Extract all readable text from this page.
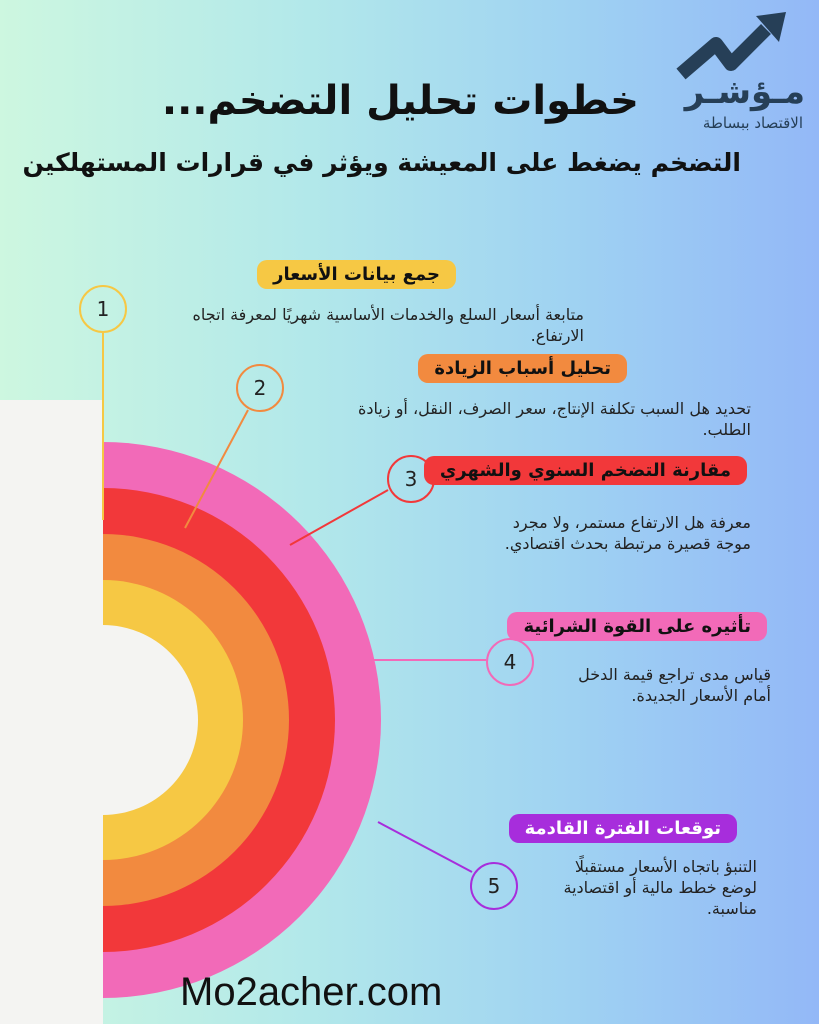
مـؤشـر
الاقتصاد ببساطة
خطوات تحليل التضخم...
التضخم يضغط على المعيشة ويؤثر في قرارات المستهلكين
1
جمع بيانات الأسعار
متابعة أسعار السلع والخدمات الأساسية شهريًا لمعرفة اتجاه الارتفاع.
2
تحليل أسباب الزيادة
تحديد هل السبب تكلفة الإنتاج، سعر الصرف، النقل، أو زيادة الطلب.
3	مقارنة التضخم السنوي والشهري
معرفة هل الارتفاع مستمر، ولا مجرد موجة قصيرة مرتبطة بحدث اقتصادي.
4
تأثيره على القوة الشرائية
قياس مدى تراجع قيمة الدخل أمام الأسعار الجديدة.
5
توقعات الفترة القادمة
التنبؤ باتجاه الأسعار مستقبلًا لوضع خطط مالية أو اقتصادية مناسبة.
Mo2acher.com
